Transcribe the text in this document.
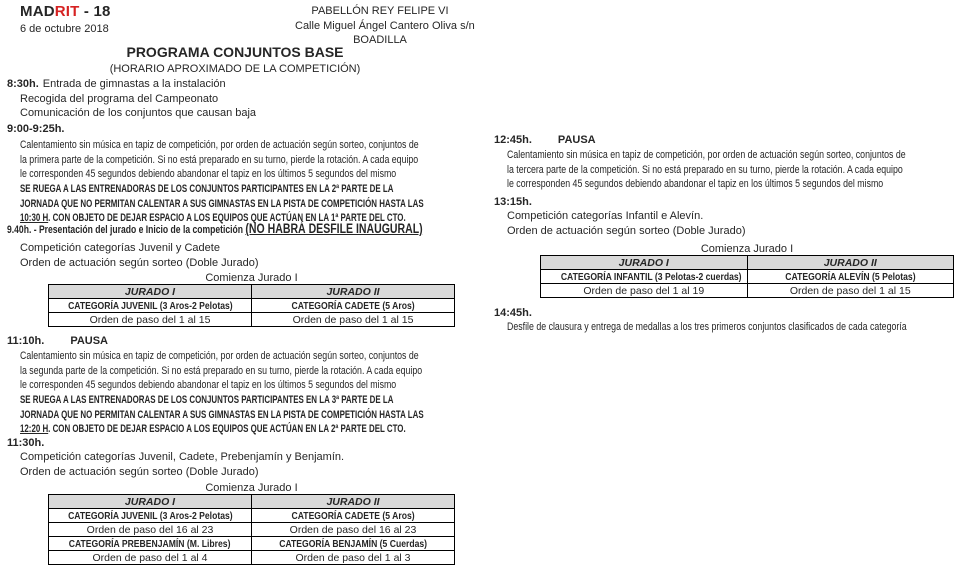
MADRIT - 18
6 de octubre 2018
PABELLÓN REY FELIPE VI
Calle Miguel Ángel Cantero Oliva s/n
BOADILLA
PROGRAMA CONJUNTOS BASE
(HORARIO APROXIMADO DE LA COMPETICIÓN)
8:30h. Entrada de gimnastas a la instalación
Recogida del programa del Campeonato
Comunicación de los conjuntos que causan baja
9:00-9:25h.
Calentamiento sin música en tapiz de competición, por orden de actuación según sorteo, conjuntos de
la primera parte de la competición. Si no está preparado en su turno, pierde la rotación. A cada equipo
le corresponden 45 segundos debiendo abandonar el tapiz en los últimos 5 segundos del mismo
SE RUEGA A LAS ENTRENADORAS DE LOS CONJUNTOS PARTICIPANTES EN LA 2ª PARTE DE LA
JORNADA QUE NO PERMITAN CALENTAR A SUS GIMNASTAS EN LA PISTA DE COMPETICIÓN HASTA LAS
10:30 H. CON OBJETO DE DEJAR ESPACIO A LOS EQUIPOS QUE ACTÚAN EN LA 1ª PARTE DEL CTO.
9.40h. - Presentación del jurado e Inicio de la competición (NO HABRÁ DESFILE INAUGURAL)
Competición categorías Juvenil y Cadete
Orden de actuación según sorteo (Doble Jurado)
Comienza Jurado I
JURADO I	JURADO II
CATEGORÍA JUVENIL (3 Aros-2 Pelotas)	CATEGORÍA CADETE (5 Aros)
Orden de paso del 1 al 15	Orden de paso del 1 al 15
11:10h. PAUSA
Calentamiento sin música en tapiz de competición, por orden de actuación según sorteo, conjuntos de
la segunda parte de la competición. Si no está preparado en su turno, pierde la rotación. A cada equipo
le corresponden 45 segundos debiendo abandonar el tapiz en los últimos 5 segundos del mismo
SE RUEGA A LAS ENTRENADORAS DE LOS CONJUNTOS PARTICIPANTES EN LA 3ª PARTE DE LA
JORNADA QUE NO PERMITAN CALENTAR A SUS GIMNASTAS EN LA PISTA DE COMPETICIÓN HASTA LAS
12:20 H. CON OBJETO DE DEJAR ESPACIO A LOS EQUIPOS QUE ACTÚAN EN LA 2ª PARTE DEL CTO.
11:30h.
Competición categorías Juvenil, Cadete, Prebenjamín y Benjamín.
Orden de actuación según sorteo (Doble Jurado)
Comienza Jurado I
JURADO I	JURADO II
CATEGORÍA JUVENIL (3 Aros-2 Pelotas)	CATEGORÍA CADETE (5 Aros)
Orden de paso del 16 al 23	Orden de paso del 16 al 23
CATEGORÍA PREBENJAMÍN (M. Libres)	CATEGORÍA BENJAMÍN (5 Cuerdas)
Orden de paso del 1 al 4	Orden de paso del 1 al 3
12:45h. PAUSA
Calentamiento sin música en tapiz de competición, por orden de actuación según sorteo, conjuntos de
la tercera parte de la competición. Si no está preparado en su turno, pierde la rotación. A cada equipo
le corresponden 45 segundos debiendo abandonar el tapiz en los últimos 5 segundos del mismo
13:15h.
Competición categorías Infantil e Alevín.
Orden de actuación según sorteo (Doble Jurado)
Comienza Jurado I
JURADO I	JURADO II
CATEGORÍA INFANTIL (3 Pelotas-2 cuerdas)	CATEGORÍA ALEVÍN (5 Pelotas)
Orden de paso del 1 al 19	Orden de paso del 1 al 15
14:45h.
Desfile de clausura y entrega de medallas a los tres primeros conjuntos clasificados de cada categoría
